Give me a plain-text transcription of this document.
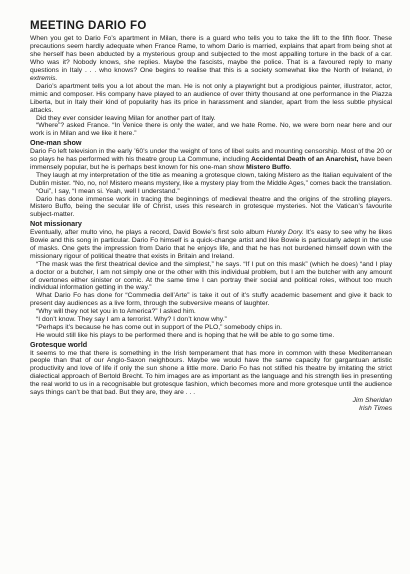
MEETING DARIO FO

When you get to Dario Fo’s apartment in Milan, there is a guard who tells you to take the lift to the fifth floor. These precautions seem hardly adequate when France Rame, to whom Dario is married, explains that apart from being shot at she herself has been abducted by a mysterious group and subjected to the most appalling torture in the back of a car. Who was it? Nobody knows, she replies. Maybe the fascists, maybe the police. That is a favoured reply to many questions in Italy . . . who knows? One begins to realise that this is a society somewhat like the North of Ireland, in extremis.

Dario’s apartment tells you a lot about the man. He is not only a playwright but a prodigious painter, illustrator, actor, mimic and composer. His company have played to an audience of over thirty thousand at one performance in the Piazza Liberta, but in Italy their kind of popularity has its price in harassment and slander, apart from the less subtle physical attacks.

Did they ever consider leaving Milan for another part of Italy.

“Where”? asked France. “In Venice there is only the water, and we hate Rome. No, we were born near here and our work is in Milan and we like it here.”

One-man show

Dario Fo left television in the early ’60’s under the weight of tons of libel suits and mounting censorship. Most of the 20 or so plays he has performed with his theatre group La Commune, including Accidental Death of an Anarchist, have been immensely popular, but he is perhaps best known for his one-man show Mistero Buffo.

They laugh at my interpretation of the title as meaning a grotesque clown, taking Mistero as the Italian equivalent of the Dublin mister. “No, no, no! Mistero means mystery, like a mystery play from the Middle Ages,” comes back the translation.

“Oui”, I say, “I mean si. Yeah, well I understand.”

Dario has done immense work in tracing the beginnings of medieval theatre and the origins of the strolling players. Mistero Buffo, being the secular life of Christ, uses this research in grotesque mysteries. Not the Vatican’s favourite subject-matter.

Not missionary

Eventually, after multo vino, he plays a record, David Bowie’s first solo album Hunky Dory. It’s easy to see why he likes Bowie and this song in particular. Dario Fo himself is a quick-change artist and like Bowie is particularly adept in the use of masks. One gets the impression from Dario that he enjoys life, and that he has not burdened himself down with the missionary rigour of political theatre that exists in Britain and Ireland.

“The mask was the first theatrical device and the simplest,” he says. “If I put on this mask” (which he does) “and I play a doctor or a butcher, I am not simply one or the other with this individual problem, but I am the butcher with any amount of overtones either sinister or comic. At the same time I can portray their social and political roles, without too much individual information getting in the way.”

What Dario Fo has done for “Commedia dell’Arte” is take it out of it’s stuffy academic basement and give it back to present day audiences as a live form, through the subversive means of laughter.

“Why will they not let you in to America?” I asked him.

“I don’t know. They say I am a terrorist. Why? I don’t know why.”

“Perhaps it’s because he has come out in support of the PLO,” somebody chips in.

He would still like his plays to be performed there and is hoping that he will be able to go some time.

Grotesque world

It seems to me that there is something in the Irish temperament that has more in common with these Mediterranean people than that of our Anglo-Saxon neighbours. Maybe we would have the same capacity for gargantuan artistic productivity and love of life if only the sun shone a little more. Dario Fo has not stifled his theatre by imitating the strict dialectical approach of Bertold Brecht. To him images are as important as the language and his strength lies in presenting the real world to us in a recognisable but grotesque fashion, which becomes more and more grotesque until the audience says things can’t be that bad. But they are, they are . . .

Jim Sheridan

Irish Times
